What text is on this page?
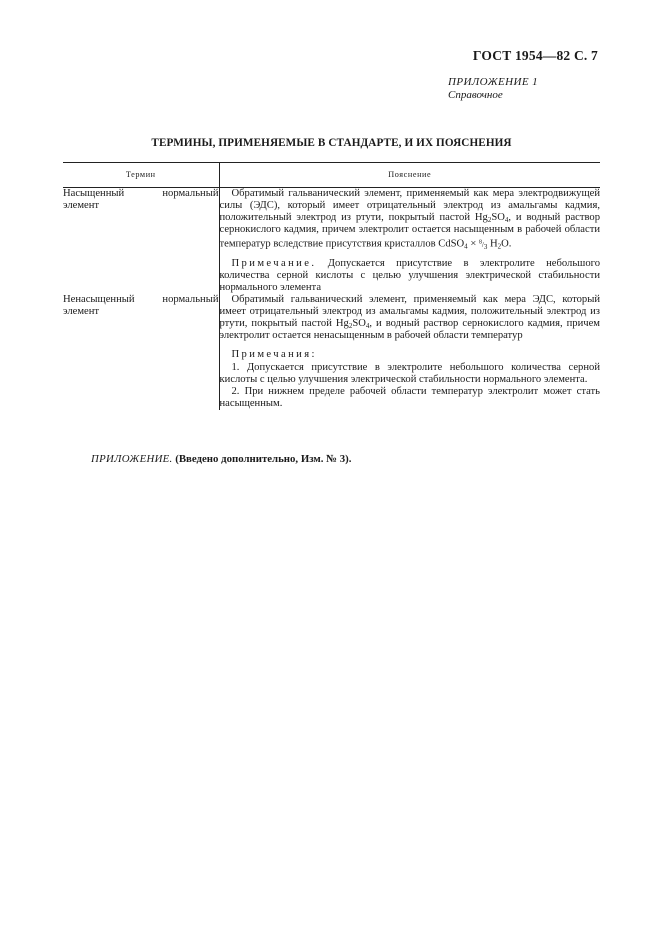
ГОСТ 1954—82 С. 7
ПРИЛОЖЕНИЕ 1
Справочное
ТЕРМИНЫ, ПРИМЕНЯЕМЫЕ В СТАНДАРТЕ, И ИХ ПОЯСНЕНИЯ
Термин	Пояснение
Насыщенный нормальный элемент	Обратимый гальванический элемент, применяемый как мера электродвижущей силы (ЭДС), который имеет отрицательный электрод из амальгамы кадмия, положительный электрод из ртути, покрытый пастой $Hg_2SO_4$, и водный раствор сернокислого кадмия, причем электролит остается насыщенным в рабочей области температур вследствие присутствия кристаллов CdSO$_4$ × $^8/_3$ $H_2O$.
Примечание. Допускается присутствие в электролите небольшого количества серной кислоты с целью улучшения электрической стабильности нормального элемента

Ненасыщенный нормальный элемент	Обратимый гальванический элемент, применяемый как мера ЭДС, который имеет отрицательный электрод из амальгамы кадмия, положительный электрод из ртути, покрытый пастой $Hg_2SO_4$, и водный раствор сернокислого кадмия, причем электролит остается ненасыщенным в рабочей области температур
Примечания:
1. Допускается присутствие в электролите небольшого количества серной кислоты с целью улучшения электрической стабильности нормального элемента.
2. При нижнем пределе рабочей области температур электролит может стать насыщенным.
ПРИЛОЖЕНИЕ. (Введено дополнительно, Изм. № 3).
